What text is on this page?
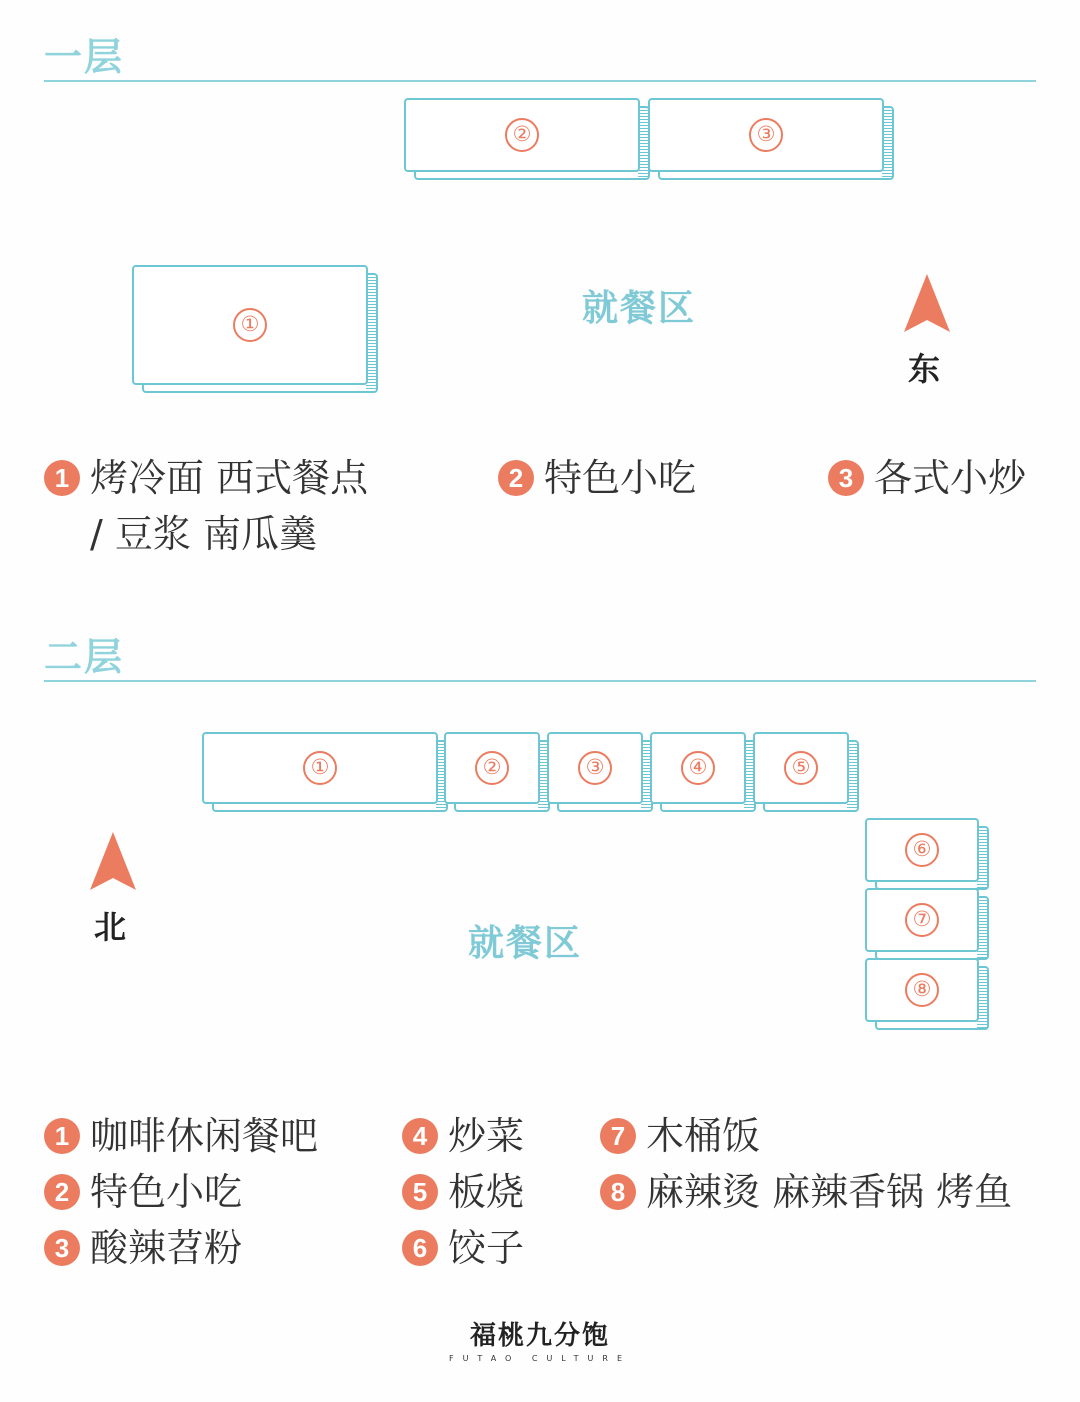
一层
②	③
①	就餐区
东
1 烤冷面 西式餐点
/ 豆浆 南瓜羹
2 特色小吃	3 各式小炒
二层
①	②	③	④	⑤
⑥
⑦
⑧
就餐区
北
1 咖啡休闲餐吧
2 特色小吃
3 酸辣苕粉
4 炒菜
5 板烧
6 饺子
7 木桶饭
8 麻辣烫 麻辣香锅 烤鱼
福桃九分饱
FUTAO CULTURE
